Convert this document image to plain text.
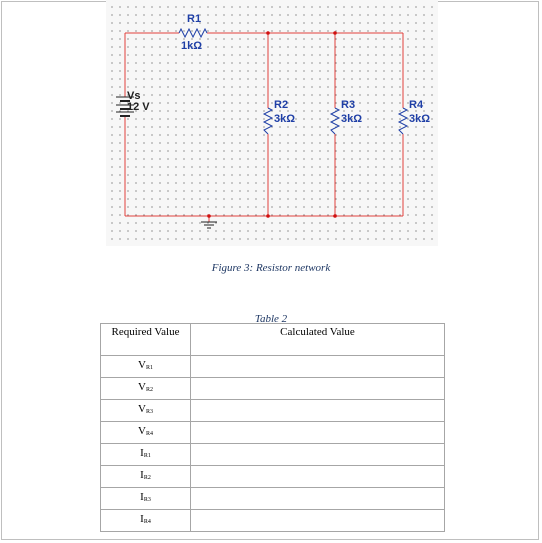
R1
1kΩ
Vs
12 V	R2
3kΩ
R3
3kΩ
R4
3kΩ
Figure 3: Resistor network
Table 2
Required Value	Calculated Value
$V_{R1}$	
$V_{R2}$	
$V_{R3}$	
$V_{R4}$	
$I_{R1}$	
$I_{R2}$	
$I_{R3}$	
$I_{R4}$	
